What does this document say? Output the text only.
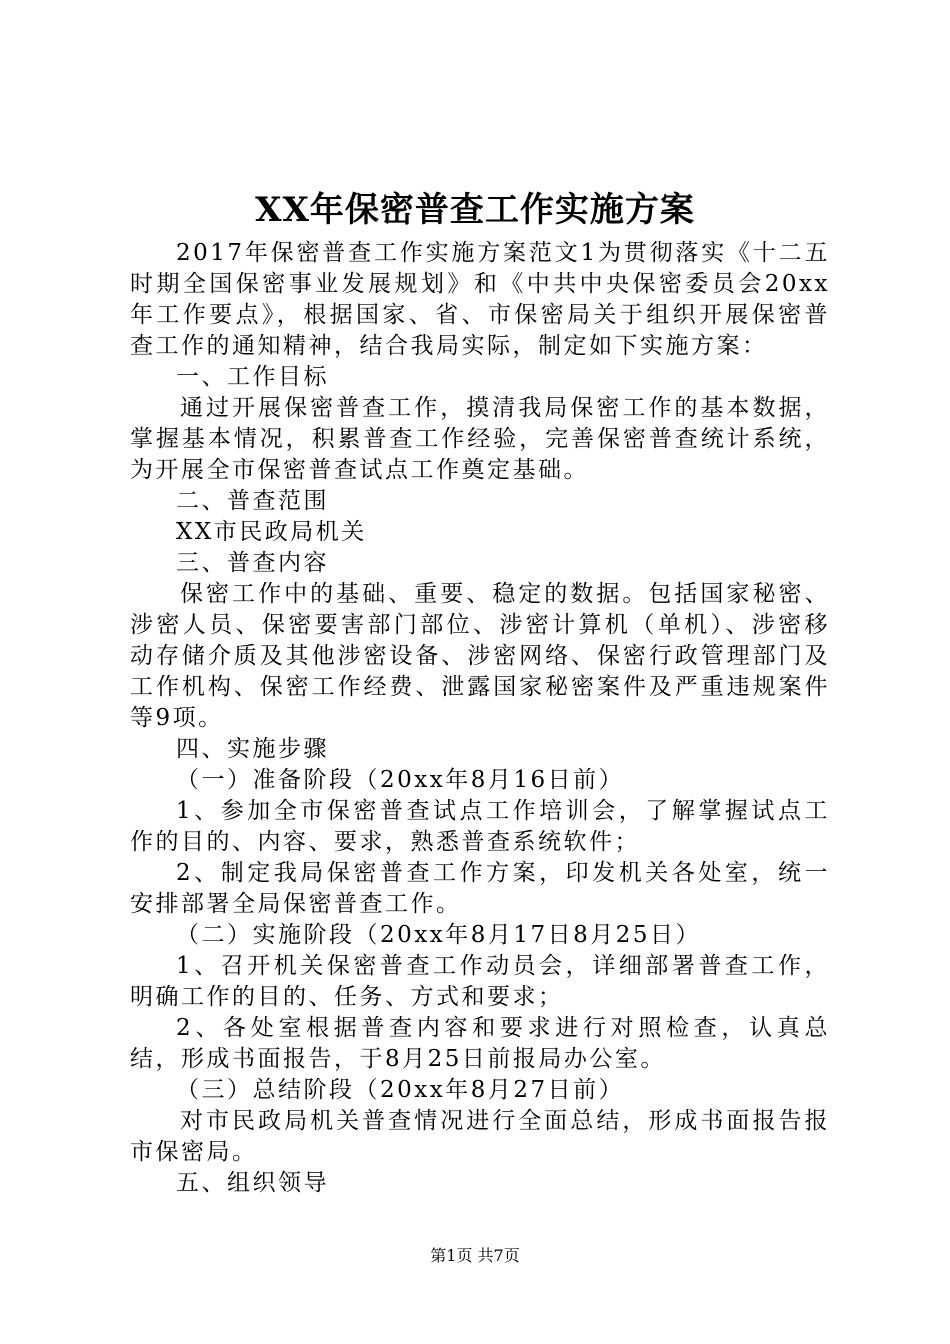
XX年保密普查工作实施方案

2017年保密普查工作实施方案范文1为贯彻落实《十二五时期全国保密事业发展规划》和《中共中央保密委员会20xx年工作要点》，根据国家、省、市保密局关于组织开展保密普查工作的通知精神，结合我局实际，制定如下实施方案：

一、工作目标

通过开展保密普查工作，摸清我局保密工作的基本数据，掌握基本情况，积累普查工作经验，完善保密普查统计系统，为开展全市保密普查试点工作奠定基础。

二、普查范围

XX市民政局机关

三、普查内容

保密工作中的基础、重要、稳定的数据。包括国家秘密、涉密人员、保密要害部门部位、涉密计算机（单机）、涉密移动存储介质及其他涉密设备、涉密网络、保密行政管理部门及工作机构、保密工作经费、泄露国家秘密案件及严重违规案件等9项。

四、实施步骤

（一）准备阶段（20xx年8月16日前）

1、参加全市保密普查试点工作培训会，了解掌握试点工作的目的、内容、要求，熟悉普查系统软件；

2、制定我局保密普查工作方案，印发机关各处室，统一安排部署全局保密普查工作。

（二）实施阶段（20xx年8月17日8月25日）

1、召开机关保密普查工作动员会，详细部署普查工作，明确工作的目的、任务、方式和要求；

2、各处室根据普查内容和要求进行对照检查，认真总结，形成书面报告，于8月25日前报局办公室。

（三）总结阶段（20xx年8月27日前）

对市民政局机关普查情况进行全面总结，形成书面报告报市保密局。

五、组织领导

第1页 共7页
